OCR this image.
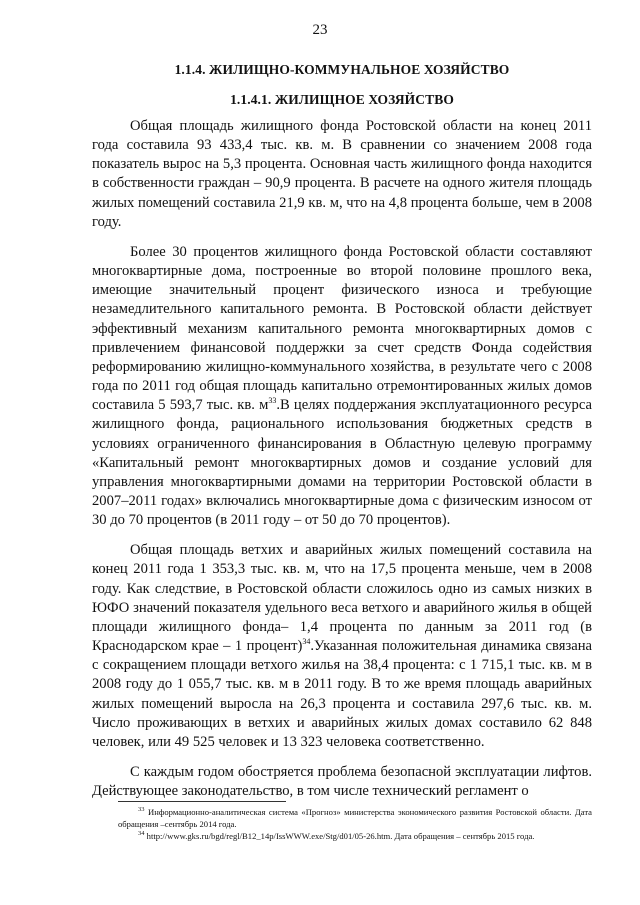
23
1.1.4. ЖИЛИЩНО-КОММУНАЛЬНОЕ ХОЗЯЙСТВО
1.1.4.1. ЖИЛИЩНОЕ ХОЗЯЙСТВО

Общая площадь жилищного фонда Ростовской области на конец 2011 года составила 93 433,4 тыс. кв. м. В сравнении со значением 2008 года показатель вырос на 5,3 процента. Основная часть жилищного фонда находится в собственности граждан – 90,9 процента. В расчете на одного жителя площадь жилых помещений составила 21,9 кв. м, что на 4,8 процента больше, чем в 2008 году.

Более 30 процентов жилищного фонда Ростовской области составляют многоквартирные дома, построенные во второй половине прошлого века, имеющие значительный процент физического износа и требующие незамедлительного капитального ремонта. В Ростовской области действует эффективный механизм капитального ремонта многоквартирных домов с привлечением финансовой поддержки за счет средств Фонда содействия реформированию жилищно-коммунального хозяйства, в результате чего с 2008 года по 2011 год общая площадь капитально отремонтированных жилых домов составила 5 593,7 тыс. кв. $м^{33}.В$ целях поддержания эксплуатационного ресурса жилищного фонда, рационального использования бюджетных средств в условиях ограниченного финансирования в Областную целевую программу «Капитальный ремонт многоквартирных домов и создание условий для управления многоквартирными домами на территории Ростовской области в 2007–2011 годах» включались многоквартирные дома с физическим износом от 30 до 70 процентов (в 2011 году – от 50 до 70 процентов).

Общая площадь ветхих и аварийных жилых помещений составила на конец 2011 года 1 353,3 тыс. кв. м, что на 17,5 процента меньше, чем в 2008 году. Как следствие, в Ростовской области сложилось одно из самых низких в ЮФО значений показателя удельного веса ветхого и аварийного жилья в общей площади жилищного фонда– 1,4 процента по данным за 2011 год (в Краснодарском крае – 1 процент)$^{34}$.Указанная положительная динамика связана с сокращением площади ветхого жилья на 38,4 процента: с 1 715,1 тыс. кв. м в 2008 году до 1 055,7 тыс. кв. м в 2011 году. В то же время площадь аварийных жилых помещений выросла на 26,3 процента и составила 297,6 тыс. кв. м. Число проживающих в ветхих и аварийных жилых домах составило 62 848 человек, или 49 525 человек и 13 323 человека соответственно.

С каждым годом обостряется проблема безопасной эксплуатации лифтов. Действующее законодательство, в том числе технический регламент о

$^{33}$ Информационно-аналитическая система «Прогноз» министерства экономического развития Ростовской области. Дата обращения –сентябрь 2014 года.

$^{34}$ http://www.gks.ru/bgd/regl/B12_14p/IssWWW.exe/Stg/d01/05-26.htm. Дата обращения – сентябрь 2015 года.
